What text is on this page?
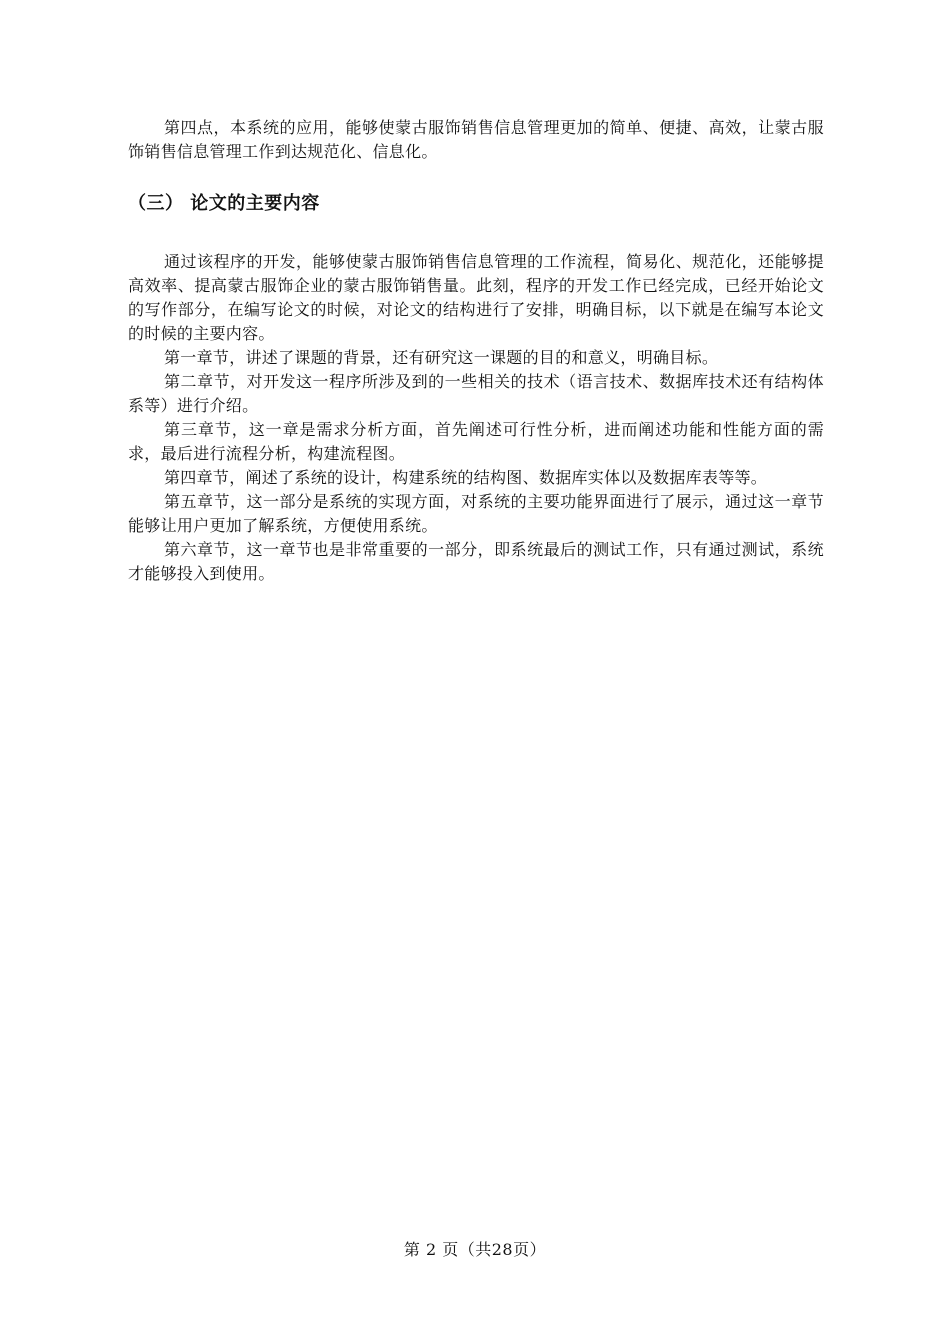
第四点，本系统的应用，能够使蒙古服饰销售信息管理更加的简单、便捷、高效，让蒙古服饰销售信息管理工作到达规范化、信息化。

（三） 论文的主要内容

通过该程序的开发，能够使蒙古服饰销售信息管理的工作流程，简易化、规范化，还能够提高效率、提高蒙古服饰企业的蒙古服饰销售量。此刻，程序的开发工作已经完成，已经开始论文的写作部分，在编写论文的时候，对论文的结构进行了安排，明确目标，以下就是在编写本论文的时候的主要内容。

第一章节，讲述了课题的背景，还有研究这一课题的目的和意义，明确目标。

第二章节，对开发这一程序所涉及到的一些相关的技术（语言技术、数据库技术还有结构体系等）进行介绍。

第三章节，这一章是需求分析方面，首先阐述可行性分析，进而阐述功能和性能方面的需求，最后进行流程分析，构建流程图。

第四章节，阐述了系统的设计，构建系统的结构图、数据库实体以及数据库表等等。

第五章节，这一部分是系统的实现方面，对系统的主要功能界面进行了展示，通过这一章节能够让用户更加了解系统，方便使用系统。

第六章节，这一章节也是非常重要的一部分，即系统最后的测试工作，只有通过测试，系统才能够投入到使用。

第 2 页（共28页）
